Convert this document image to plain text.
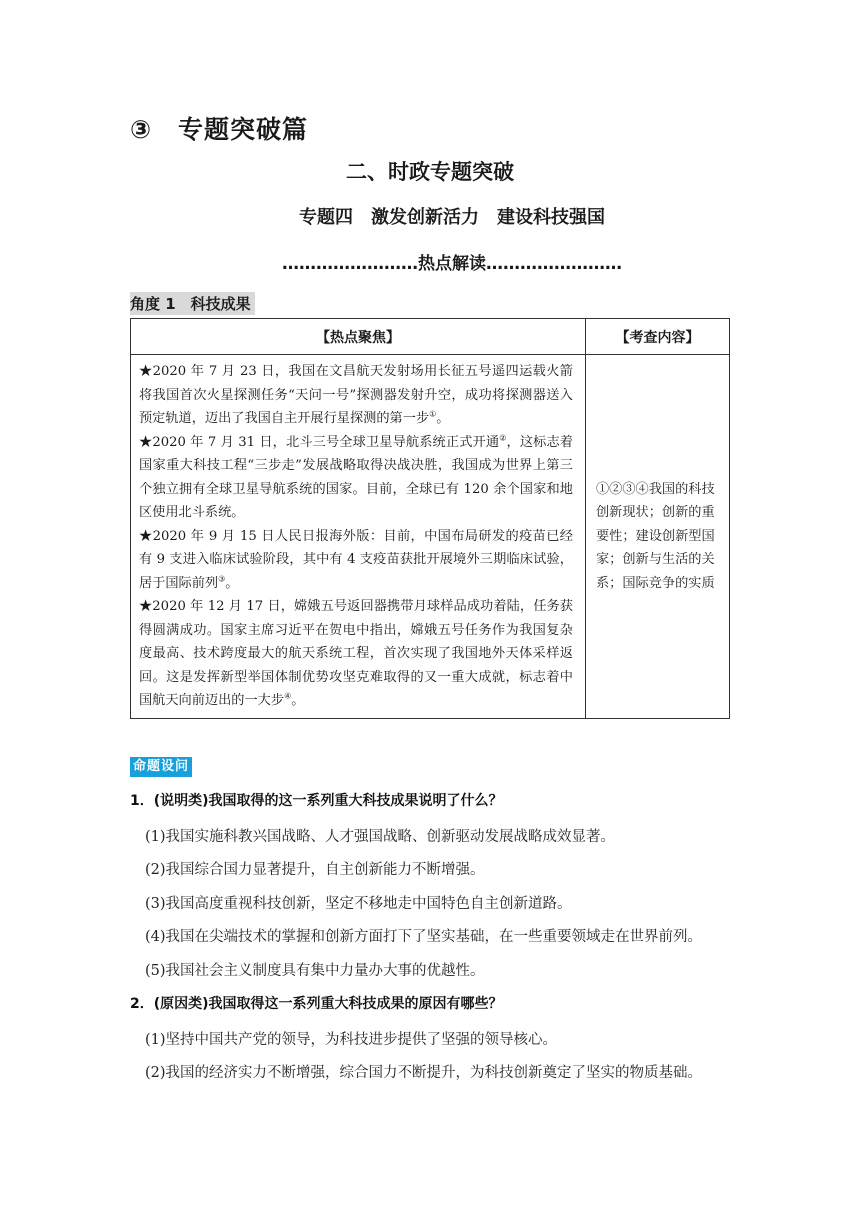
③ 专题突破篇
二、时政专题突破
专题四　激发创新活力　建设科技强国
……………………热点解读……………………
角度 1　科技成果
【热点聚焦】	【考查内容】

★2020 年 7 月 23 日，我国在文昌航天发射场用长征五号遥四运载火箭将我国首次火星探测任务“天问一号”探测器发射升空，成功将探测器送入预定轨道，迈出了我国自主开展行星探测的第一步①。
★2020 年 7 月 31 日，北斗三号全球卫星导航系统正式开通②，这标志着国家重大科技工程“三步走”发展战略取得决战决胜，我国成为世界上第三个独立拥有全球卫星导航系统的国家。目前，全球已有 120 余个国家和地区使用北斗系统。
★2020 年 9 月 15 日人民日报海外版：目前，中国布局研发的疫苗已经有 9 支进入临床试验阶段，其中有 4 支疫苗获批开展境外三期临床试验，居于国际前列③。
★2020 年 12 月 17 日，嫦娥五号返回器携带月球样品成功着陆，任务获得圆满成功。国家主席习近平在贺电中指出，嫦娥五号任务作为我国复杂度最高、技术跨度最大的航天系统工程，首次实现了我国地外天体采样返回。这是发挥新型举国体制优势攻坚克难取得的又一重大成就，标志着中国航天向前迈出的一大步④。	①②③④我国的科技创新现状；创新的重要性；建设创新型国家；创新与生活的关系；国际竞争的实质
命题设问
1．(说明类)我国取得的这一系列重大科技成果说明了什么？
(1)我国实施科教兴国战略、人才强国战略、创新驱动发展战略成效显著。
(2)我国综合国力显著提升，自主创新能力不断增强。
(3)我国高度重视科技创新，坚定不移地走中国特色自主创新道路。
(4)我国在尖端技术的掌握和创新方面打下了坚实基础，在一些重要领域走在世界前列。
(5)我国社会主义制度具有集中力量办大事的优越性。
2．(原因类)我国取得这一系列重大科技成果的原因有哪些？
(1)坚持中国共产党的领导，为科技进步提供了坚强的领导核心。
(2)我国的经济实力不断增强，综合国力不断提升，为科技创新奠定了坚实的物质基础。
